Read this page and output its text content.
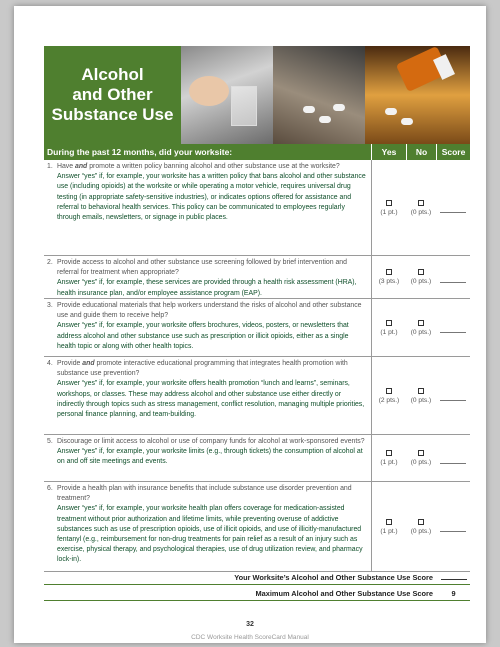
Alcohol
and Other
Substance Use
During the past 12 months, did your worksite:	Yes	No	Score
1. Have and promote a written policy banning alcohol and other substance use at the worksite?
Answer “yes” if, for example, your worksite has a written policy that bans alcohol and other substance use (including opioids) at the worksite or while operating a motor vehicle, requires universal drug testing (in appropriate safety-sensitive industries), or indicates options offered for assistance and referral to behavioral health services. This policy can be communicated to employees regularly through emails, newsletters, or signage in public places.
(1 pt.) (0 pts.)
2. Provide access to alcohol and other substance use screening followed by brief intervention and referral for treatment when appropriate?
Answer “yes” if, for example, these services are provided through a health risk assessment (HRA), health insurance plan, and/or employee assistance program (EAP).
(3 pts.) (0 pts.)
3. Provide educational materials that help workers understand the risks of alcohol and other substance use and guide them to receive help?
Answer “yes” if, for example, your worksite offers brochures, videos, posters, or newsletters that address alcohol and other substance use such as prescription or illicit opioids, either as a single health topic or along with other health topics.
(1 pt.) (0 pts.)
4. Provide and promote interactive educational programming that integrates health promotion with substance use prevention?
Answer “yes” if, for example, your worksite offers health promotion “lunch and learns”, seminars, workshops, or classes. These may address alcohol and other substance use either directly or indirectly through topics such as stress management, conflict resolution, managing multiple priorities, personal finance planning, and team-building.
(2 pts.) (0 pts.)
5. Discourage or limit access to alcohol or use of company funds for alcohol at work-sponsored events?
Answer “yes” if, for example, your worksite limits (e.g., through tickets) the consumption of alcohol at on and off site meetings and events.	(1 pt.) (0 pts.)
6. Provide a health plan with insurance benefits that include substance use disorder prevention and treatment?
Answer “yes” if, for example, your worksite health plan offers coverage for medication-assisted treatment without prior authorization and lifetime limits, while preventing overuse of addictive substances such as use of prescription opioids, use of illicit opioids, and use of illicitly-manufactured fentanyl (e.g., reimbursement for non-drug treatments for pain relief as a result of an injury such as exercise, physical therapy, and psychological therapies, use of drug utilization review, and pharmacy lock-in).
(1 pt.) (0 pts.)
Your Worksite’s Alcohol and Other Substance Use Score
Maximum Alcohol and Other Substance Use Score	9
32
CDC Worksite Health ScoreCard Manual
